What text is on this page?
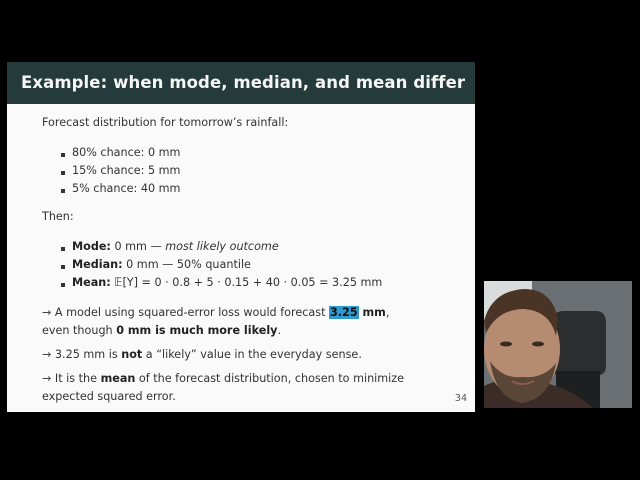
Example: when mode, median, and mean differ
Forecast distribution for tomorrow’s rainfall:
80% chance: 0 mm
15% chance: 5 mm
5% chance: 40 mm
Then:
Mode: 0 mm — most likely outcome
Median: 0 mm — 50% quantile
Mean: 𝔼[Y] = 0 · 0.8 + 5 · 0.15 + 40 · 0.05 = 3.25 mm
→ A model using squared-error loss would forecast 3.25 mm,
even though 0 mm is much more likely.
→ 3.25 mm is not a “likely” value in the everyday sense.
→ It is the mean of the forecast distribution, chosen to minimize
expected squared error.	34
